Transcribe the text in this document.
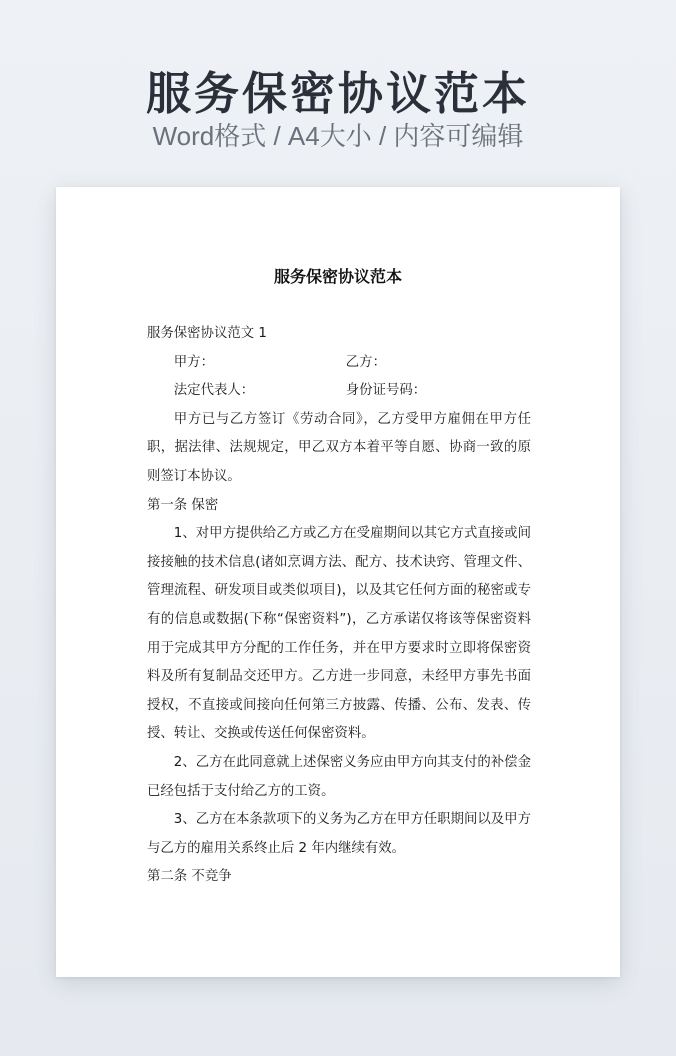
服务保密协议范本
Word格式 / A4大小 / 内容可编辑
服务保密协议范本

服务保密协议范文 1

甲方：	乙方：
法定代表人：	身份证号码：

甲方已与乙方签订《劳动合同》，乙方受甲方雇佣在甲方任职，据法律、法规规定，甲乙双方本着平等自愿、协商一致的原则签订本协议。

第一条 保密

1、对甲方提供给乙方或乙方在受雇期间以其它方式直接或间接接触的技术信息(诸如烹调方法、配方、技术诀窍、管理文件、管理流程、研发项目或类似项目)，以及其它任何方面的秘密或专有的信息或数据(下称“保密资料”)，乙方承诺仅将该等保密资料用于完成其甲方分配的工作任务，并在甲方要求时立即将保密资料及所有复制品交还甲方。乙方进一步同意，未经甲方事先书面授权，不直接或间接向任何第三方披露、传播、公布、发表、传授、转让、交换或传送任何保密资料。

2、乙方在此同意就上述保密义务应由甲方向其支付的补偿金已经包括于支付给乙方的工资。

3、乙方在本条款项下的义务为乙方在甲方任职期间以及甲方与乙方的雇用关系终止后 2 年内继续有效。

第二条 不竞争
